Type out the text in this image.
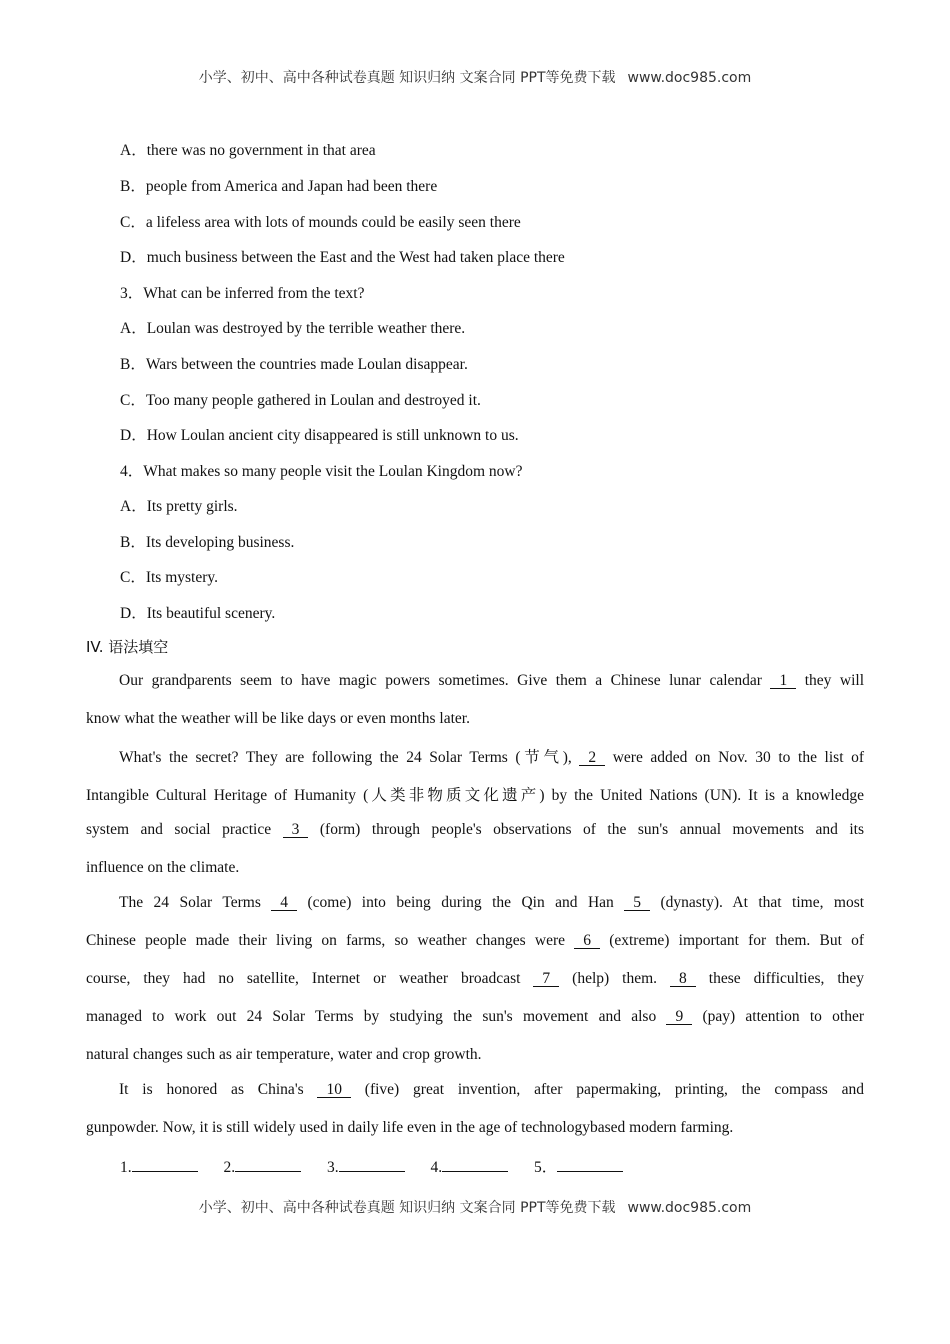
小学、初中、高中各种试卷真题 知识归纳 文案合同 PPT等免费下载 www.doc985.com
A．there was no government in that area
B．people from America and Japan had been there
C．a lifeless area with lots of mounds could be easily seen there
D．much business between the East and the West had taken place there
3．What can be inferred from the text?
A．Loulan was destroyed by the terrible weather there.
B．Wars between the countries made Loulan disappear.
C．Too many people gathered in Loulan and destroyed it.
D．How Loulan ancient city disappeared is still unknown to us.
4．What makes so many people visit the Loulan Kingdom now?
A．Its pretty girls.
B．Its developing business.
C．Its mystery.
D．Its beautiful scenery.
IV. 语法填空
Our grandparents seem to have magic powers sometimes. Give them a Chinese lunar calendar 1 they will
know what the weather will be like days or even months later.
What's the secret? They are following the 24 Solar Terms (节气), 2 were added on Nov. 30 to the list of
Intangible Cultural Heritage of Humanity (人类非物质文化遗产) by the United Nations (UN). It is a knowledge
system and social practice 3 (form) through people's observations of the sun's annual movements and its
influence on the climate.
The 24 Solar Terms 4 (come) into being during the Qin and Han 5 (dynasty). At that time, most
Chinese people made their living on farms, so weather changes were 6 (extreme) important for them. But of
course, they had no satellite, Internet or weather broadcast 7 (help) them. 8 these difficulties, they
managed to work out 24 Solar Terms by studying the sun's movement and also 9 (pay) attention to other
natural changes such as air temperature, water and crop growth.
It is honored as China's 10 (five) great invention, after papermaking, printing, the compass and
gunpowder. Now, it is still widely used in daily life even in the age of technologybased modern farming.
1.	2.	3.	4.	5．
小学、初中、高中各种试卷真题 知识归纳 文案合同 PPT等免费下载 www.doc985.com
